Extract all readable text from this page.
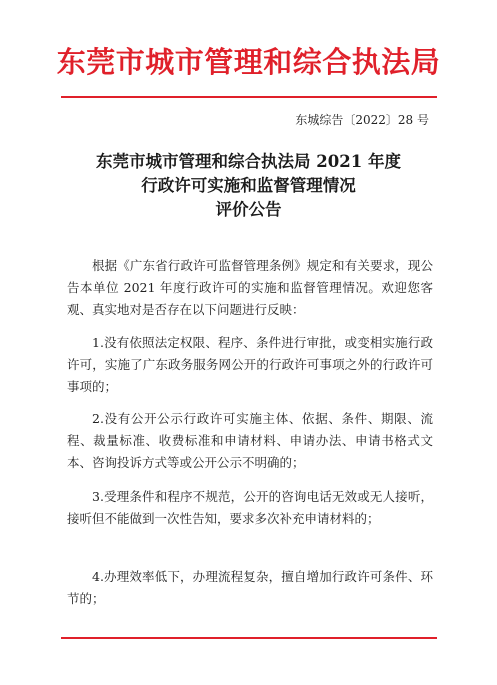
东莞市城市管理和综合执法局
东城综告〔2022〕28 号
东莞市城市管理和综合执法局 2021 年度
行政许可实施和监督管理情况
评价公告
根据《广东省行政许可监督管理条例》规定和有关要求，现公告本单位 2021 年度行政许可的实施和监督管理情况。欢迎您客观、真实地对是否存在以下问题进行反映：
1.没有依照法定权限、程序、条件进行审批，或变相实施行政许可，实施了广东政务服务网公开的行政许可事项之外的行政许可事项的；
2.没有公开公示行政许可实施主体、依据、条件、期限、流程、裁量标准、收费标准和申请材料、申请办法、申请书格式文本、咨询投诉方式等或公开公示不明确的；
3.受理条件和程序不规范，公开的咨询电话无效或无人接听，接听但不能做到一次性告知，要求多次补充申请材料的；
4.办理效率低下，办理流程复杂，擅自增加行政许可条件、环节的；
